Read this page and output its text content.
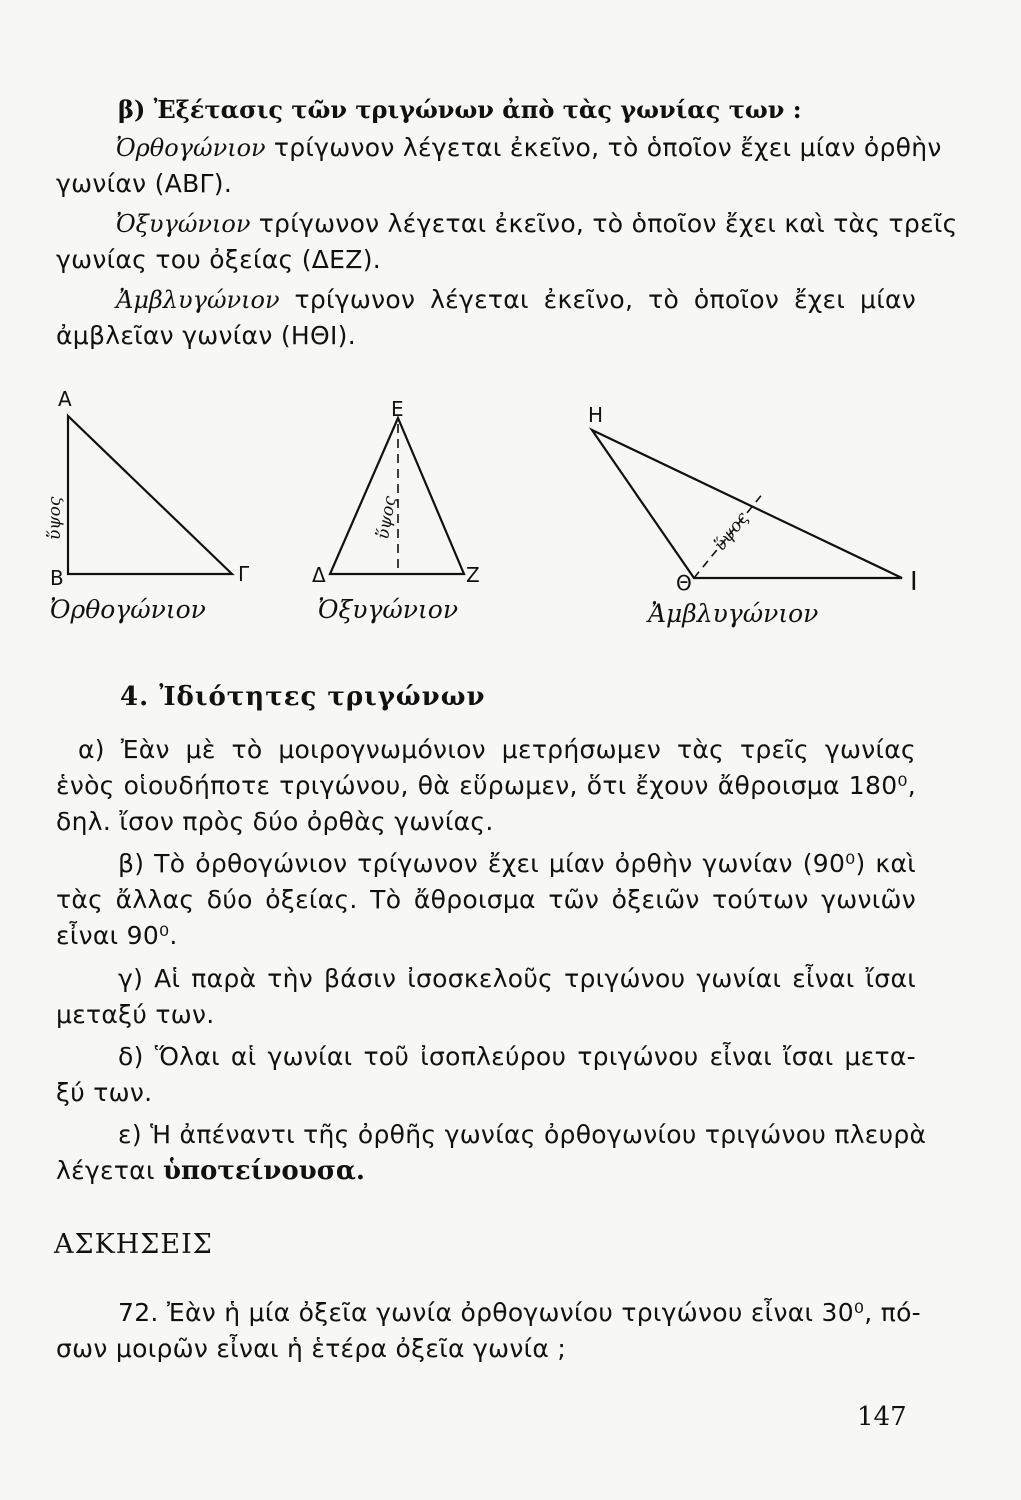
β) Ἐξέτασις τῶν τριγώνων ἀπὸ τὰς γωνίας των :
Ὀρθογώνιον τρίγωνον λέγεται ἐκεῖνο, τὸ ὁποῖον ἔχει μίαν ὀρθὴν
γωνίαν (ΑΒΓ).
Ὀξυγώνιον τρίγωνον λέγεται ἐκεῖνο, τὸ ὁποῖον ἔχει καὶ τὰς τρεῖς
γωνίας του ὀξείας (ΔΕΖ).
Ἀμβλυγώνιον τρίγωνον λέγεται ἐκεῖνο, τὸ ὁποῖον ἔχει μίαν
ἀμβλεῖαν γωνίαν (ΗΘΙ).
Α
Β	Γ
Ε
Δ	Ζ
Η
Θ	Ι
ὕψος	ὕψος	ὕψος
Ὀρθογώνιον	Ὀξυγώνιον	Ἀμβλυγώνιον
4. Ἰδιότητες τριγώνων
α) Ἐὰν μὲ τὸ μοιρογνωμόνιον μετρήσωμεν τὰς τρεῖς γωνίας
ἑνὸς οἱουδήποτε τριγώνου, θὰ εὕρωμεν, ὅτι ἔχουν ἄθροισμα 180⁰,
δηλ. ἴσον πρὸς δύο ὀρθὰς γωνίας.
β) Τὸ ὀρθογώνιον τρίγωνον ἔχει μίαν ὀρθὴν γωνίαν (90⁰) καὶ
τὰς ἄλλας δύο ὀξείας. Τὸ ἄθροισμα τῶν ὀξειῶν τούτων γωνιῶν
εἶναι 90⁰.
γ) Αἱ παρὰ τὴν βάσιν ἰσοσκελοῦς τριγώνου γωνίαι εἶναι ἴσαι
μεταξύ των.
δ) Ὅλαι αἱ γωνίαι τοῦ ἰσοπλεύρου τριγώνου εἶναι ἴσαι μετα-
ξύ των.
ε) Ἡ ἀπέναντι τῆς ὀρθῆς γωνίας ὀρθογωνίου τριγώνου πλευρὰ
λέγεται ὑποτείνουσα.
ΑΣΚΗΣΕΙΣ
72. Ἐὰν ἡ μία ὀξεῖα γωνία ὀρθογωνίου τριγώνου εἶναι 30⁰, πό-
σων μοιρῶν εἶναι ἡ ἑτέρα ὀξεῖα γωνία ;
147
